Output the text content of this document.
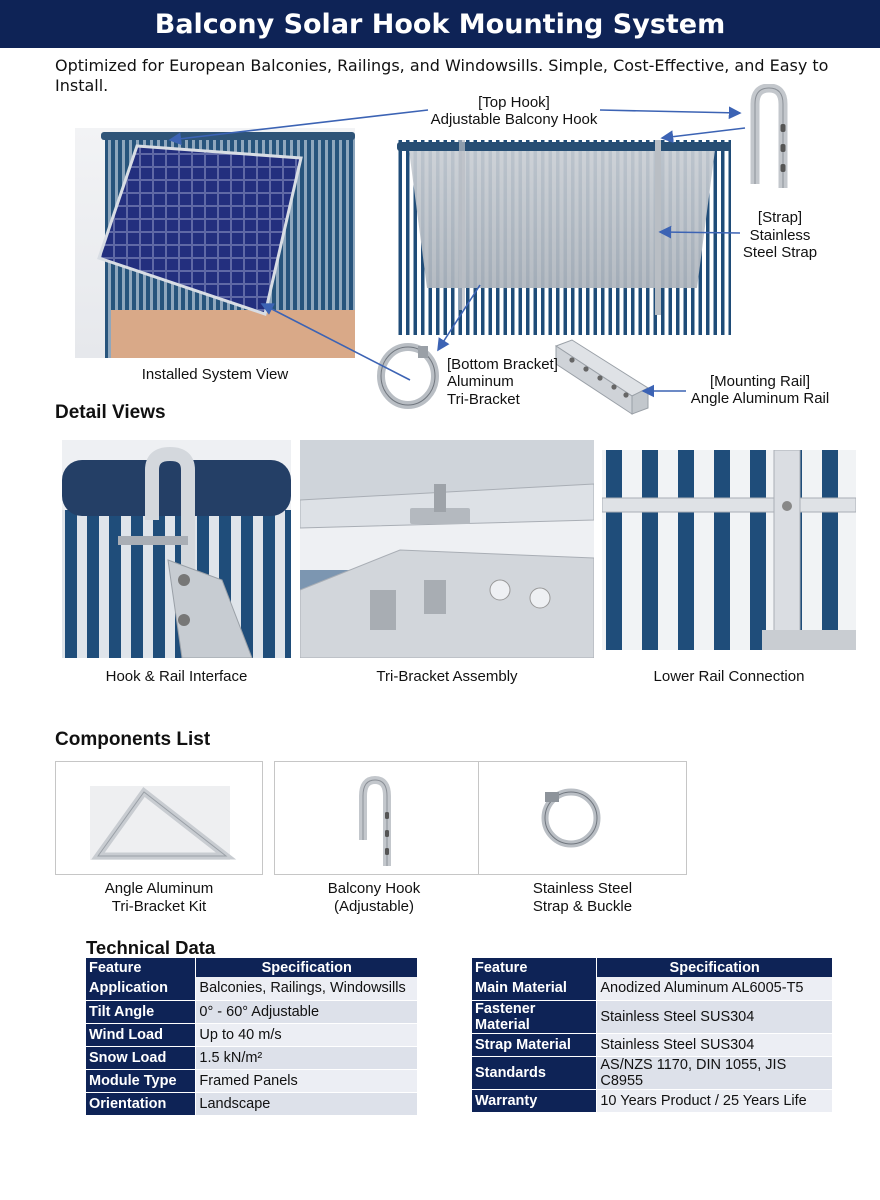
Balcony Solar Hook Mounting System
Optimized for European Balconies, Railings, and Windowsills. Simple, Cost-Effective, and Easy to Install.
Installed System View
[Top Hook]
Adjustable Balcony Hook
[Strap]
Stainless
Steel Strap
[Bottom Bracket]
Aluminum
Tri-Bracket
[Mounting Rail]
Angle Aluminum Rail
Detail Views
Hook & Rail Interface	Tri-Bracket Assembly	Lower Rail Connection
Components List
Angle Aluminum
Tri-Bracket Kit
Balcony Hook
(Adjustable)
Stainless Steel
Strap & Buckle
Technical Data
Feature	Specification
Application	Balconies, Railings, Windowsills
Tilt Angle	0° - 60° Adjustable
Wind Load	Up to 40 m/s
Snow Load	1.5 kN/m²
Module Type	Framed Panels
Orientation	Landscape
Feature	Specification
Main Material	Anodized Aluminum AL6005-T5
Fastener Material	Stainless Steel SUS304
Strap Material	Stainless Steel SUS304
Standards	AS/NZS 1170, DIN 1055, JIS C8955
Warranty	10 Years Product / 25 Years Life
